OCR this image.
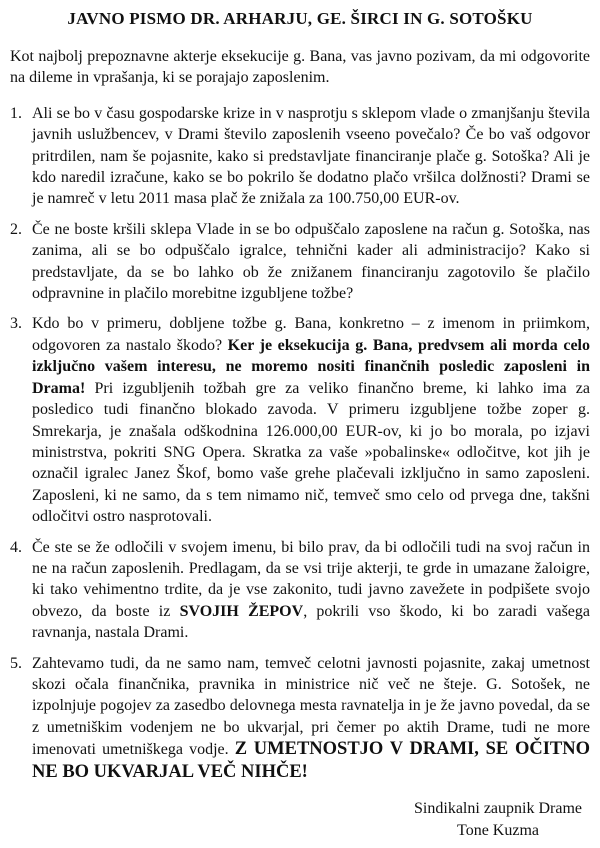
JAVNO PISMO DR. ARHARJU, GE. ŠIRCI IN G. SOTOŠKU

Kot najbolj prepoznavne akterje eksekucije g. Bana, vas javno pozivam, da mi odgovorite na dileme in vprašanja, ki se porajajo zaposlenim.

1. Ali se bo v času gospodarske krize in v nasprotju s sklepom vlade o zmanjšanju števila javnih uslužbencev, v Drami število zaposlenih vseeno povečalo? Če bo vaš odgovor pritrdilen, nam še pojasnite, kako si predstavljate financiranje plače g. Sotoška? Ali je kdo naredil izračune, kako se bo pokrilo še dodatno plačo vršilca dolžnosti? Drami se je namreč v letu 2011 masa plač že znižala za 100.750,00 EUR-ov.
2. Če ne boste kršili sklepa Vlade in se bo odpuščalo zaposlene na račun g. Sotoška, nas zanima, ali se bo odpuščalo igralce, tehnični kader ali administracijo? Kako si predstavljate, da se bo lahko ob že znižanem financiranju zagotovilo še plačilo odpravnine in plačilo morebitne izgubljene tožbe?
3. Kdo bo v primeru, dobljene tožbe g. Bana, konkretno – z imenom in priimkom, odgovoren za nastalo škodo? Ker je eksekucija g. Bana, predvsem ali morda celo izključno vašem interesu, ne moremo nositi finančnih posledic zaposleni in Drama! Pri izgubljenih tožbah gre za veliko finančno breme, ki lahko ima za posledico tudi finančno blokado zavoda. V primeru izgubljene tožbe zoper g. Smrekarja, je znašala odškodnina 126.000,00 EUR-ov, ki jo bo morala, po izjavi ministrstva, pokriti SNG Opera. Skratka za vaše »pobalinske« odločitve, kot jih je označil igralec Janez Škof, bomo vaše grehe plačevali izključno in samo zaposleni. Zaposleni, ki ne samo, da s tem nimamo nič, temveč smo celo od prvega dne, takšni odločitvi ostro nasprotovali.
4. Če ste se že odločili v svojem imenu, bi bilo prav, da bi odločili tudi na svoj račun in ne na račun zaposlenih. Predlagam, da se vsi trije akterji, te grde in umazane žaloigre, ki tako vehimentno trdite, da je vse zakonito, tudi javno zavežete in podpišete svojo obvezo, da boste iz SVOJIH ŽEPOV, pokrili vso škodo, ki bo zaradi vašega ravnanja, nastala Drami.
5. Zahtevamo tudi, da ne samo nam, temveč celotni javnosti pojasnite, zakaj umetnost skozi očala finančnika, pravnika in ministrice nič več ne šteje. G. Sotošek, ne izpolnjuje pogojev za zasedbo delovnega mesta ravnatelja in je že javno povedal, da se z umetniškim vodenjem ne bo ukvarjal, pri čemer po aktih Drame, tudi ne more imenovati umetniškega vodje. Z UMETNOSTJO V DRAMI, SE OČITNO NE BO UKVARJAL VEČ NIHČE!
Sindikalni zaupnik Drame
Tone Kuzma
